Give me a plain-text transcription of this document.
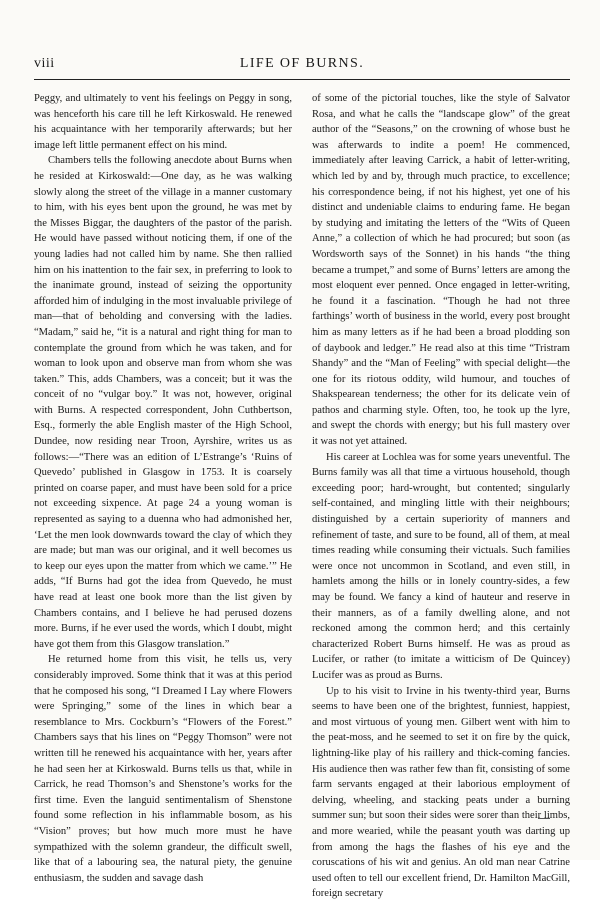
viii	LIFE OF BURNS.

Peggy, and ultimately to vent his feelings on Peggy in song, was henceforth his care till he left Kirkoswald. He renewed his acquaintance with her temporarily afterwards; but her image left little permanent effect on his mind.

Chambers tells the following anecdote about Burns when he resided at Kirkoswald:—One day, as he was walking slowly along the street of the village in a manner customary to him, with his eyes bent upon the ground, he was met by the Misses Biggar, the daughters of the pastor of the parish. He would have passed without noticing them, if one of the young ladies had not called him by name. She then rallied him on his inattention to the fair sex, in preferring to look to the inanimate ground, instead of seizing the opportunity afforded him of indulging in the most invaluable privilege of man—that of beholding and conversing with the ladies. “Madam,” said he, “it is a natural and right thing for man to contemplate the ground from which he was taken, and for woman to look upon and observe man from whom she was taken.” This, adds Chambers, was a conceit; but it was the conceit of no “vulgar boy.” It was not, however, original with Burns. A respected correspondent, John Cuthbertson, Esq., formerly the able English master of the High School, Dundee, now residing near Troon, Ayrshire, writes us as follows:—“There was an edition of L’Estrange’s ‘Ruins of Quevedo’ published in Glasgow in 1753. It is coarsely printed on coarse paper, and must have been sold for a price not exceeding sixpence. At page 24 a young woman is represented as saying to a duenna who had admonished her, ‘Let the men look downwards toward the clay of which they are made; but man was our original, and it well becomes us to keep our eyes upon the matter from which we came.’” He adds, “If Burns had got the idea from Quevedo, he must have read at least one book more than the list given by Chambers contains, and I believe he had perused dozens more. Burns, if he ever used the words, which I doubt, might have got them from this Glasgow translation.”

He returned home from this visit, he tells us, very considerably improved. Some think that it was at this period that he composed his song, “I Dreamed I Lay where Flowers were Springing,” some of the lines in which bear a resemblance to Mrs. Cockburn’s “Flowers of the Forest.” Chambers says that his lines on “Peggy Thomson” were not written till he renewed his acquaintance with her, years after he had seen her at Kirkoswald. Burns tells us that, while in Carrick, he read Thomson’s and Shenstone’s works for the first time. Even the languid sentimentalism of Shenstone found some reflection in his inflammable bosom, as his “Vision” proves; but how much more must he have sympathized with the solemn grandeur, the difficult swell, like that of a labouring sea, the natural piety, the genuine enthusiasm, the sudden and savage dash

of some of the pictorial touches, like the style of Salvator Rosa, and what he calls the “landscape glow” of the great author of the “Seasons,” on the crowning of whose bust he was afterwards to indite a poem! He commenced, immediately after leaving Carrick, a habit of letter-writing, which led by and by, through much practice, to excellence; his correspondence being, if not his highest, yet one of his distinct and undeniable claims to enduring fame. He began by studying and imitating the letters of the “Wits of Queen Anne,” a collection of which he had procured; but soon (as Wordsworth says of the Sonnet) in his hands “the thing became a trumpet,” and some of Burns’ letters are among the most eloquent ever penned. Once engaged in letter-writing, he found it a fascination. “Though he had not three farthings’ worth of business in the world, every post brought him as many letters as if he had been a broad plodding son of daybook and ledger.” He read also at this time “Tristram Shandy” and the “Man of Feeling” with special delight—the one for its riotous oddity, wild humour, and touches of Shakspearean tenderness; the other for its delicate vein of pathos and charming style. Often, too, he took up the lyre, and swept the chords with energy; but his full mastery over it was not yet attained.

His career at Lochlea was for some years uneventful. The Burns family was all that time a virtuous household, though exceeding poor; hard-wrought, but contented; singularly self-contained, and mingling little with their neighbours; distinguished by a certain superiority of manners and refinement of taste, and sure to be found, all of them, at meal times reading while consuming their victuals. Such families were once not uncommon in Scotland, and even still, in hamlets among the hills or in lonely country-sides, a few may be found. We fancy a kind of hauteur and reserve in their manners, as of a family dwelling alone, and not reckoned among the common herd; and this certainly characterized Robert Burns himself. He was as proud as Lucifer, or rather (to imitate a witticism of De Quincey) Lucifer was as proud as Burns.

Up to his visit to Irvine in his twenty-third year, Burns seems to have been one of the brightest, funniest, happiest, and most virtuous of young men. Gilbert went with him to the peat-moss, and he seemed to set it on fire by the quick, lightning-like play of his raillery and thick-coming fancies. His audience then was rather few than fit, consisting of some farm servants engaged at their laborious employment of delving, wheeling, and stacking peats under a burning summer sun; but soon their sides were sorer than their limbs, and more wearied, while the peasant youth was darting up from among the hags the flashes of his eye and the coruscations of his wit and genius. An old man near Catrine used often to tell our excellent friend, Dr. Hamilton MacGill, foreign secretary
